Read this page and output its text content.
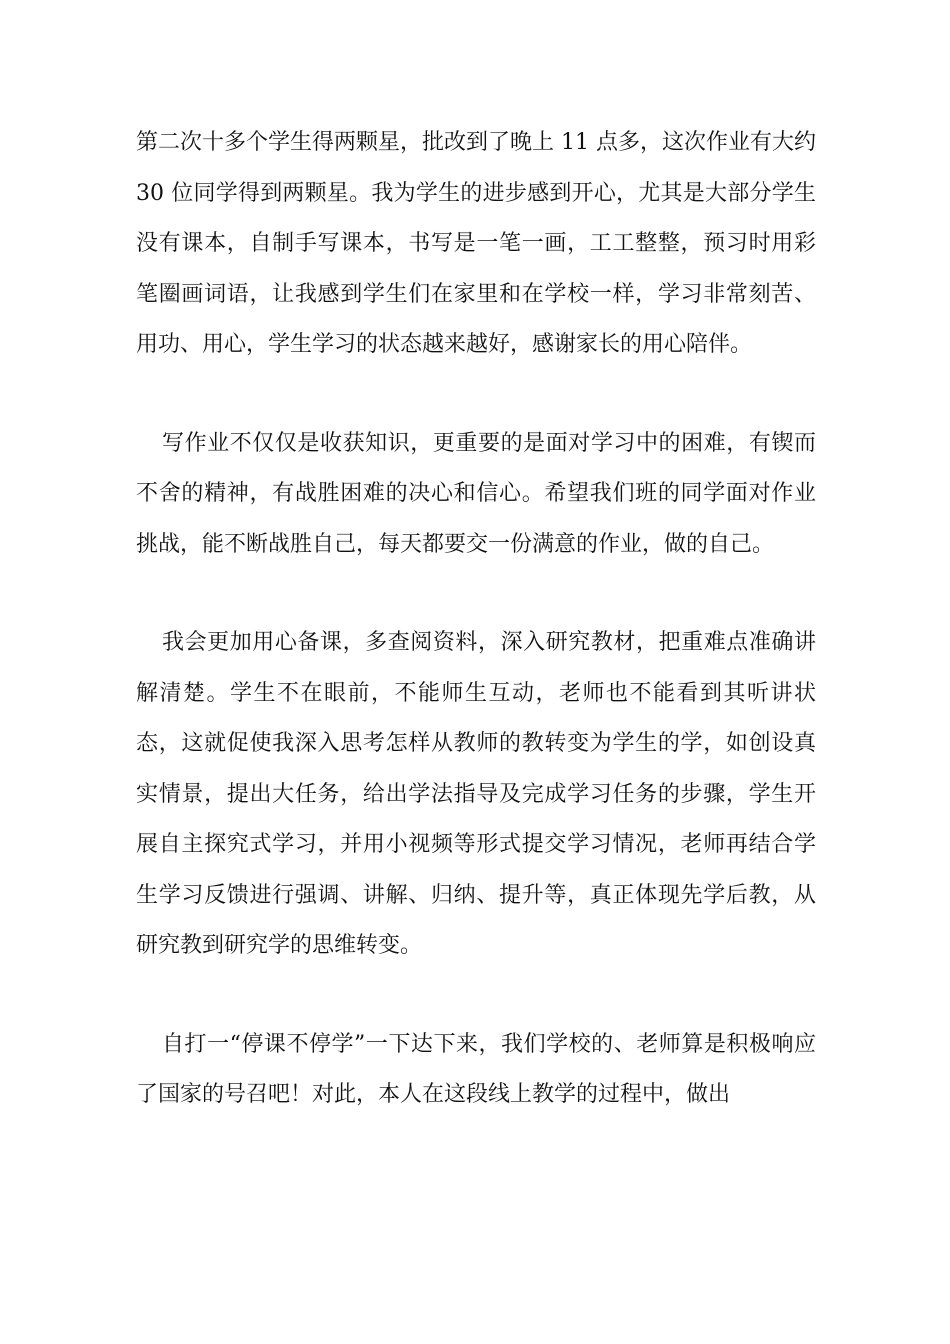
第二次十多个学生得两颗星，批改到了晚上 11 点多，这次作业有大约 30 位同学得到两颗星。我为学生的进步感到开心，尤其是大部分学生没有课本，自制手写课本，书写是一笔一画，工工整整，预习时用彩笔圈画词语，让我感到学生们在家里和在学校一样，学习非常刻苦、用功、用心，学生学习的状态越来越好，感谢家长的用心陪伴。

写作业不仅仅是收获知识，更重要的是面对学习中的困难，有锲而不舍的精神，有战胜困难的决心和信心。希望我们班的同学面对作业挑战，能不断战胜自己，每天都要交一份满意的作业，做的自己。

我会更加用心备课，多查阅资料，深入研究教材，把重难点准确讲解清楚。学生不在眼前，不能师生互动，老师也不能看到其听讲状态，这就促使我深入思考怎样从教师的教转变为学生的学，如创设真实情景，提出大任务，给出学法指导及完成学习任务的步骤，学生开展自主探究式学习，并用小视频等形式提交学习情况，老师再结合学生学习反馈进行强调、讲解、归纳、提升等，真正体现先学后教，从研究教到研究学的思维转变。

自打一“停课不停学”一下达下来，我们学校的、老师算是积极响应了国家的号召吧！对此，本人在这段线上教学的过程中，做出
